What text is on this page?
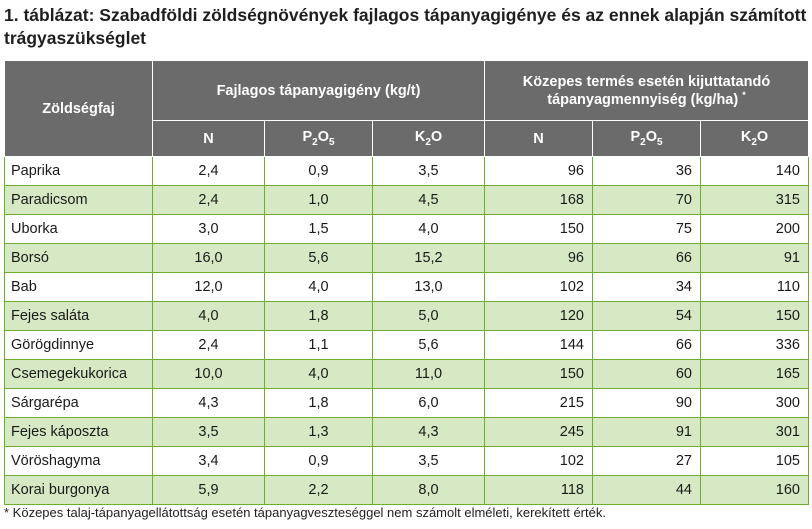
1. táblázat: Szabadföldi zöldségnövények fajlagos tápanyagigénye és az ennek alapján számított trágyaszükséglet
Zöldségfaj	Fajlagos tápanyagigény (kg/t)			Közepes termés esetén kijuttatandó
tápanyagmennyiség (kg/ha) *

	N	$P_2O_5$	$K_2O$	N	$P_2O_5$	$K_2O$
Paprika	2,4	0,9	3,5	96	36	140
Paradicsom	2,4	1,0	4,5	168	70	315
Uborka	3,0	1,5	4,0	150	75	200
Borsó	16,0	5,6	15,2	96	66	91
Bab	12,0	4,0	13,0	102	34	110
Fejes saláta	4,0	1,8	5,0	120	54	150
Görögdinnye	2,4	1,1	5,6	144	66	336
Csemegekukorica	10,0	4,0	11,0	150	60	165
Sárgarépa	4,3	1,8	6,0	215	90	300
Fejes káposzta	3,5	1,3	4,3	245	91	301
Vöröshagyma	3,4	0,9	3,5	102	27	105
Korai burgonya	5,9	2,2	8,0	118	44	160
* Közepes talaj-tápanyagellátottság esetén tápanyagveszteséggel nem számolt elméleti, kerekített érték.
